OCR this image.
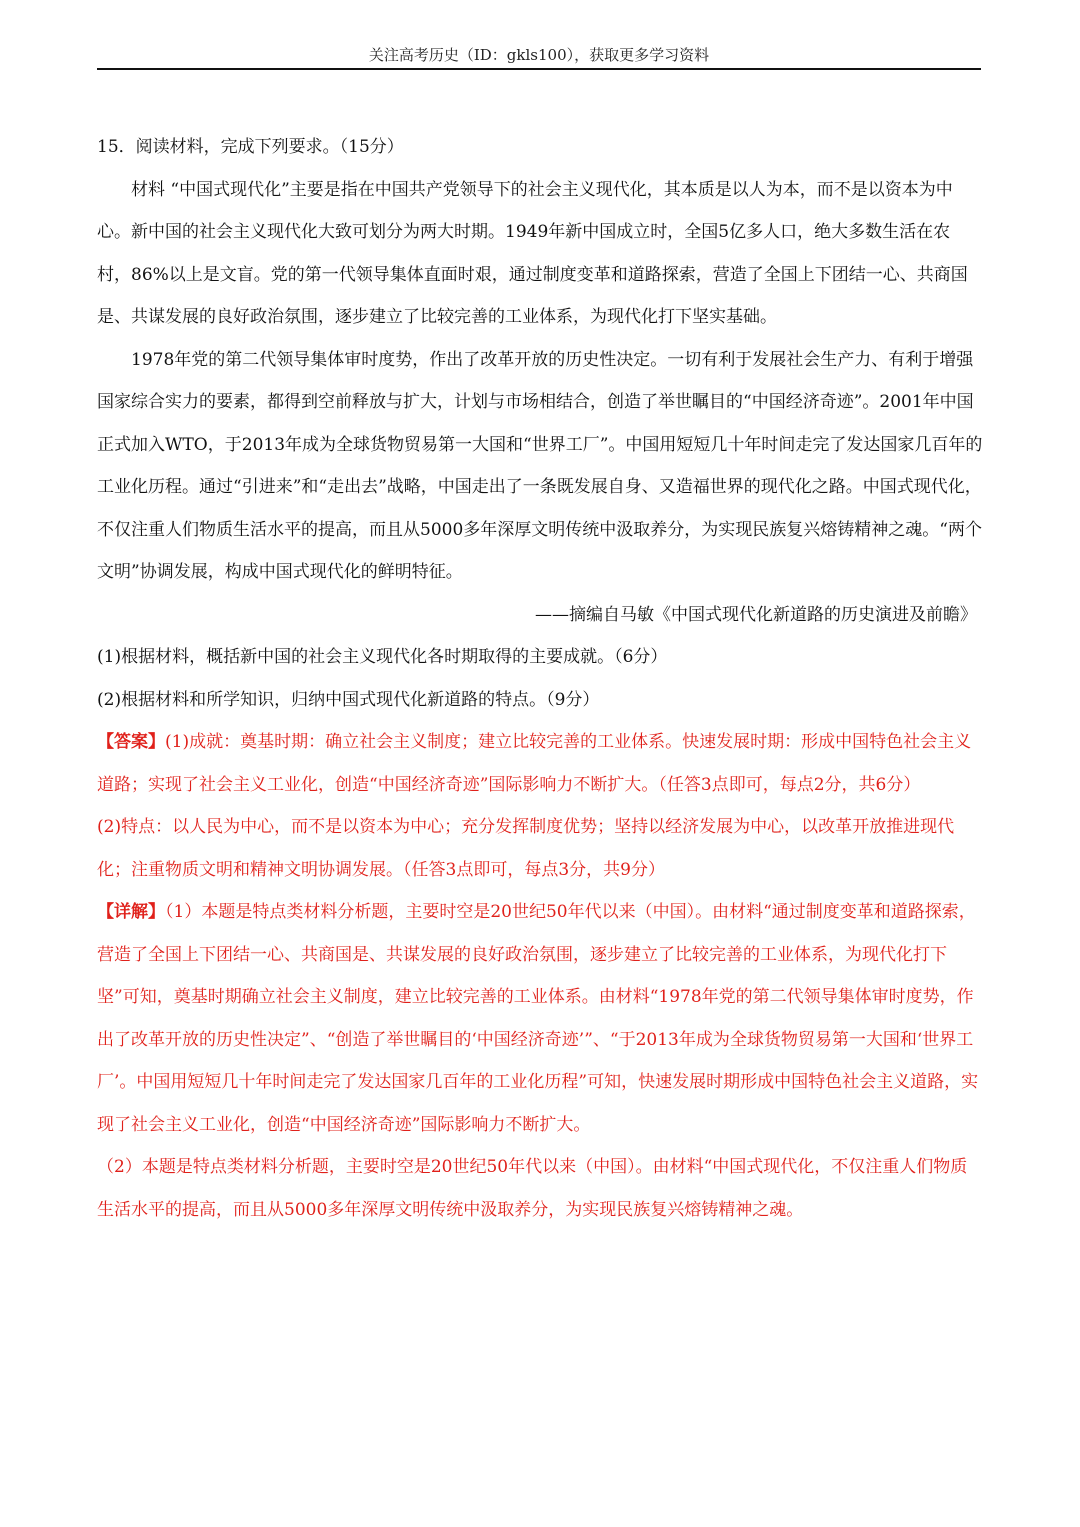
关注高考历史（ID：gkls100），获取更多学习资料

15．阅读材料，完成下列要求。（15分）

材料 “中国式现代化”主要是指在中国共产党领导下的社会主义现代化，其本质是以人为本，而不是以资本为中心。新中国的社会主义现代化大致可划分为两大时期。1949年新中国成立时，全国5亿多人口，绝大多数生活在农村，86%以上是文盲。党的第一代领导集体直面时艰，通过制度变革和道路探索，营造了全国上下团结一心、共商国是、共谋发展的良好政治氛围，逐步建立了比较完善的工业体系，为现代化打下坚实基础。

1978年党的第二代领导集体审时度势，作出了改革开放的历史性决定。一切有利于发展社会生产力、有利于增强国家综合实力的要素，都得到空前释放与扩大，计划与市场相结合，创造了举世瞩目的“中国经济奇迹”。2001年中国正式加入WTO，于2013年成为全球货物贸易第一大国和“世界工厂”。中国用短短几十年时间走完了发达国家几百年的工业化历程。通过“引进来”和“走出去”战略，中国走出了一条既发展自身、又造福世界的现代化之路。中国式现代化，不仅注重人们物质生活水平的提高，而且从5000多年深厚文明传统中汲取养分，为实现民族复兴熔铸精神之魂。“两个文明”协调发展，构成中国式现代化的鲜明特征。

——摘编自马敏《中国式现代化新道路的历史演进及前瞻》

(1)根据材料，概括新中国的社会主义现代化各时期取得的主要成就。（6分）

(2)根据材料和所学知识，归纳中国式现代化新道路的特点。（9分）

【答案】(1)成就：奠基时期：确立社会主义制度；建立比较完善的工业体系。快速发展时期：形成中国特色社会主义道路；实现了社会主义工业化，创造“中国经济奇迹”国际影响力不断扩大。（任答3点即可，每点2分，共6分）

(2)特点：以人民为中心，而不是以资本为中心；充分发挥制度优势；坚持以经济发展为中心，以改革开放推进现代化；注重物质文明和精神文明协调发展。（任答3点即可，每点3分，共9分）

【详解】（1）本题是特点类材料分析题，主要时空是20世纪50年代以来（中国）。由材料“通过制度变革和道路探索，营造了全国上下团结一心、共商国是、共谋发展的良好政治氛围，逐步建立了比较完善的工业体系，为现代化打下坚”可知，奠基时期确立社会主义制度，建立比较完善的工业体系。由材料“1978年党的第二代领导集体审时度势，作出了改革开放的历史性决定”、“创造了举世瞩目的‘中国经济奇迹’”、“于2013年成为全球货物贸易第一大国和‘世界工厂’。中国用短短几十年时间走完了发达国家几百年的工业化历程”可知，快速发展时期形成中国特色社会主义道路，实现了社会主义工业化，创造“中国经济奇迹”国际影响力不断扩大。

（2）本题是特点类材料分析题，主要时空是20世纪50年代以来（中国）。由材料“中国式现代化，不仅注重人们物质生活水平的提高，而且从5000多年深厚文明传统中汲取养分，为实现民族复兴熔铸精神之魂。
